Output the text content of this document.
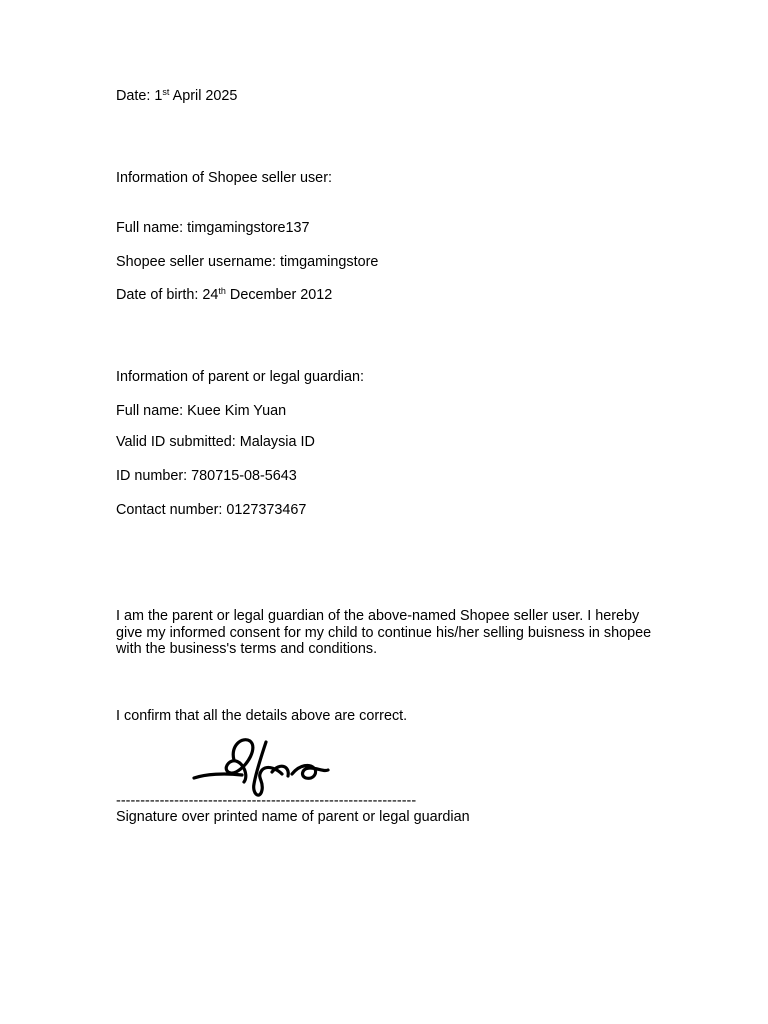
Date: 1st April 2025

Information of Shopee seller user:

Full name: timgamingstore137

Shopee seller username: timgamingstore

Date of birth: 24th December 2012

Information of parent or legal guardian:

Full name: Kuee Kim Yuan

Valid ID submitted: Malaysia ID

ID number: 780715-08-5643

Contact number: 0127373467

I am the parent or legal guardian of the above-named Shopee seller user. I hereby give my informed consent for my child to continue his/her selling buisness in shopee with the business's terms and conditions.

I confirm that all the details above are correct.

--------------------------------------------------------------

Signature over printed name of parent or legal guardian
